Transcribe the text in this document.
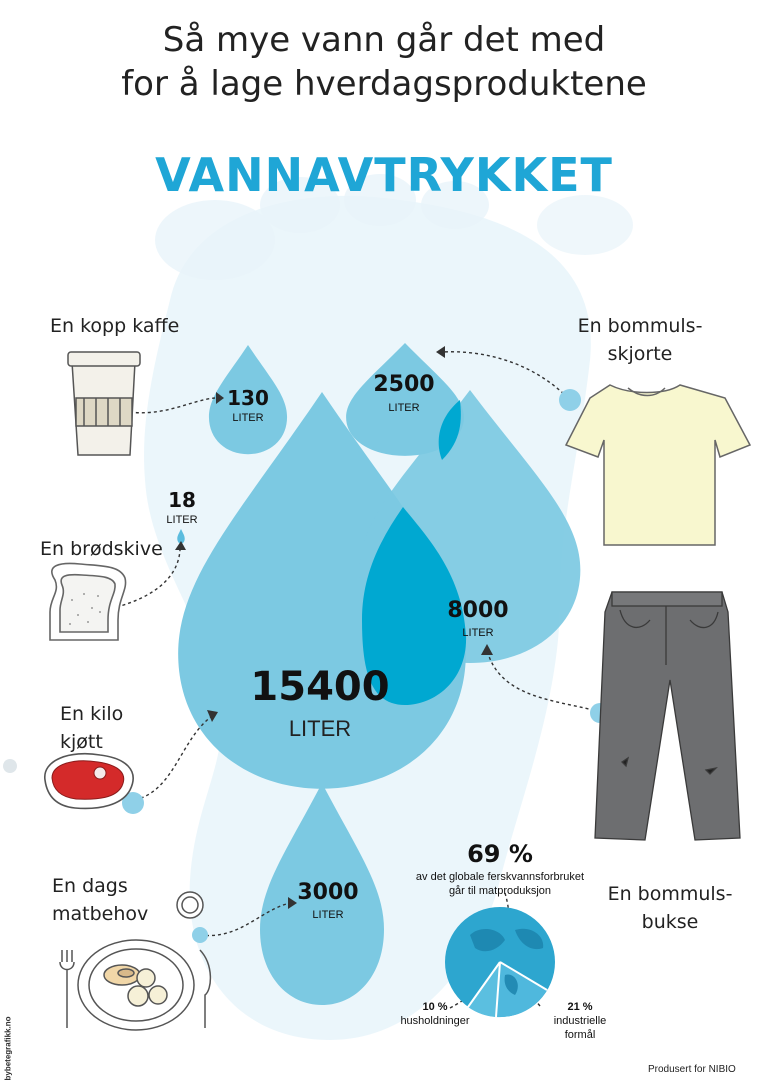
Så mye vann går det med
for å lage hverdagsproduktene
VANNAVTRYKKET
En kopp kaffe
130
LITER
En brødskive
18
LITER
En kilo
kjøtt
15400
LITER
En dags
matbehov
3000
LITER
En bommuls-
skjorte
2500
LITER
En bommuls-
bukse
8000
LITER
69 %
av det globale ferskvannsforbruket
går til matproduksjon
10 %
husholdninger
21 %
industrielle
formål
Produsert for NIBIO
bybetegrafikk.no
